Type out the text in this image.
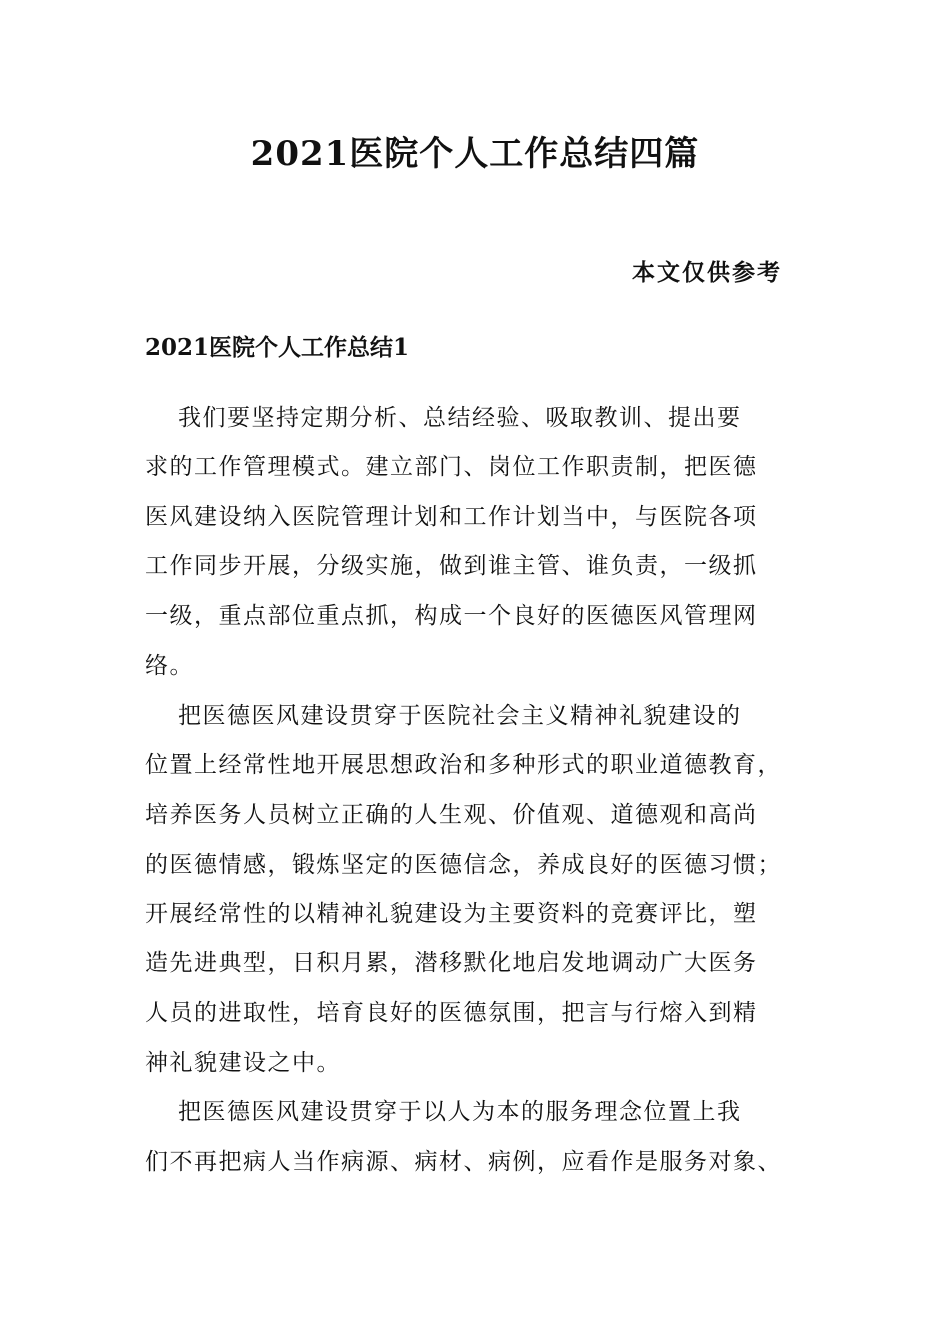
2021医院个人工作总结四篇
本文仅供参考
2021医院个人工作总结1
我们要坚持定期分析、总结经验、吸取教训、提出要
求的工作管理模式。建立部门、岗位工作职责制，把医德
医风建设纳入医院管理计划和工作计划当中，与医院各项
工作同步开展，分级实施，做到谁主管、谁负责，一级抓
一级，重点部位重点抓，构成一个良好的医德医风管理网
络。
把医德医风建设贯穿于医院社会主义精神礼貌建设的
位置上经常性地开展思想政治和多种形式的职业道德教育，
培养医务人员树立正确的人生观、价值观、道德观和高尚
的医德情感，锻炼坚定的医德信念，养成良好的医德习惯；
开展经常性的以精神礼貌建设为主要资料的竞赛评比，塑
造先进典型，日积月累，潜移默化地启发地调动广大医务
人员的进取性，培育良好的医德氛围，把言与行熔入到精
神礼貌建设之中。
把医德医风建设贯穿于以人为本的服务理念位置上我
们不再把病人当作病源、病材、病例，应看作是服务对象、
